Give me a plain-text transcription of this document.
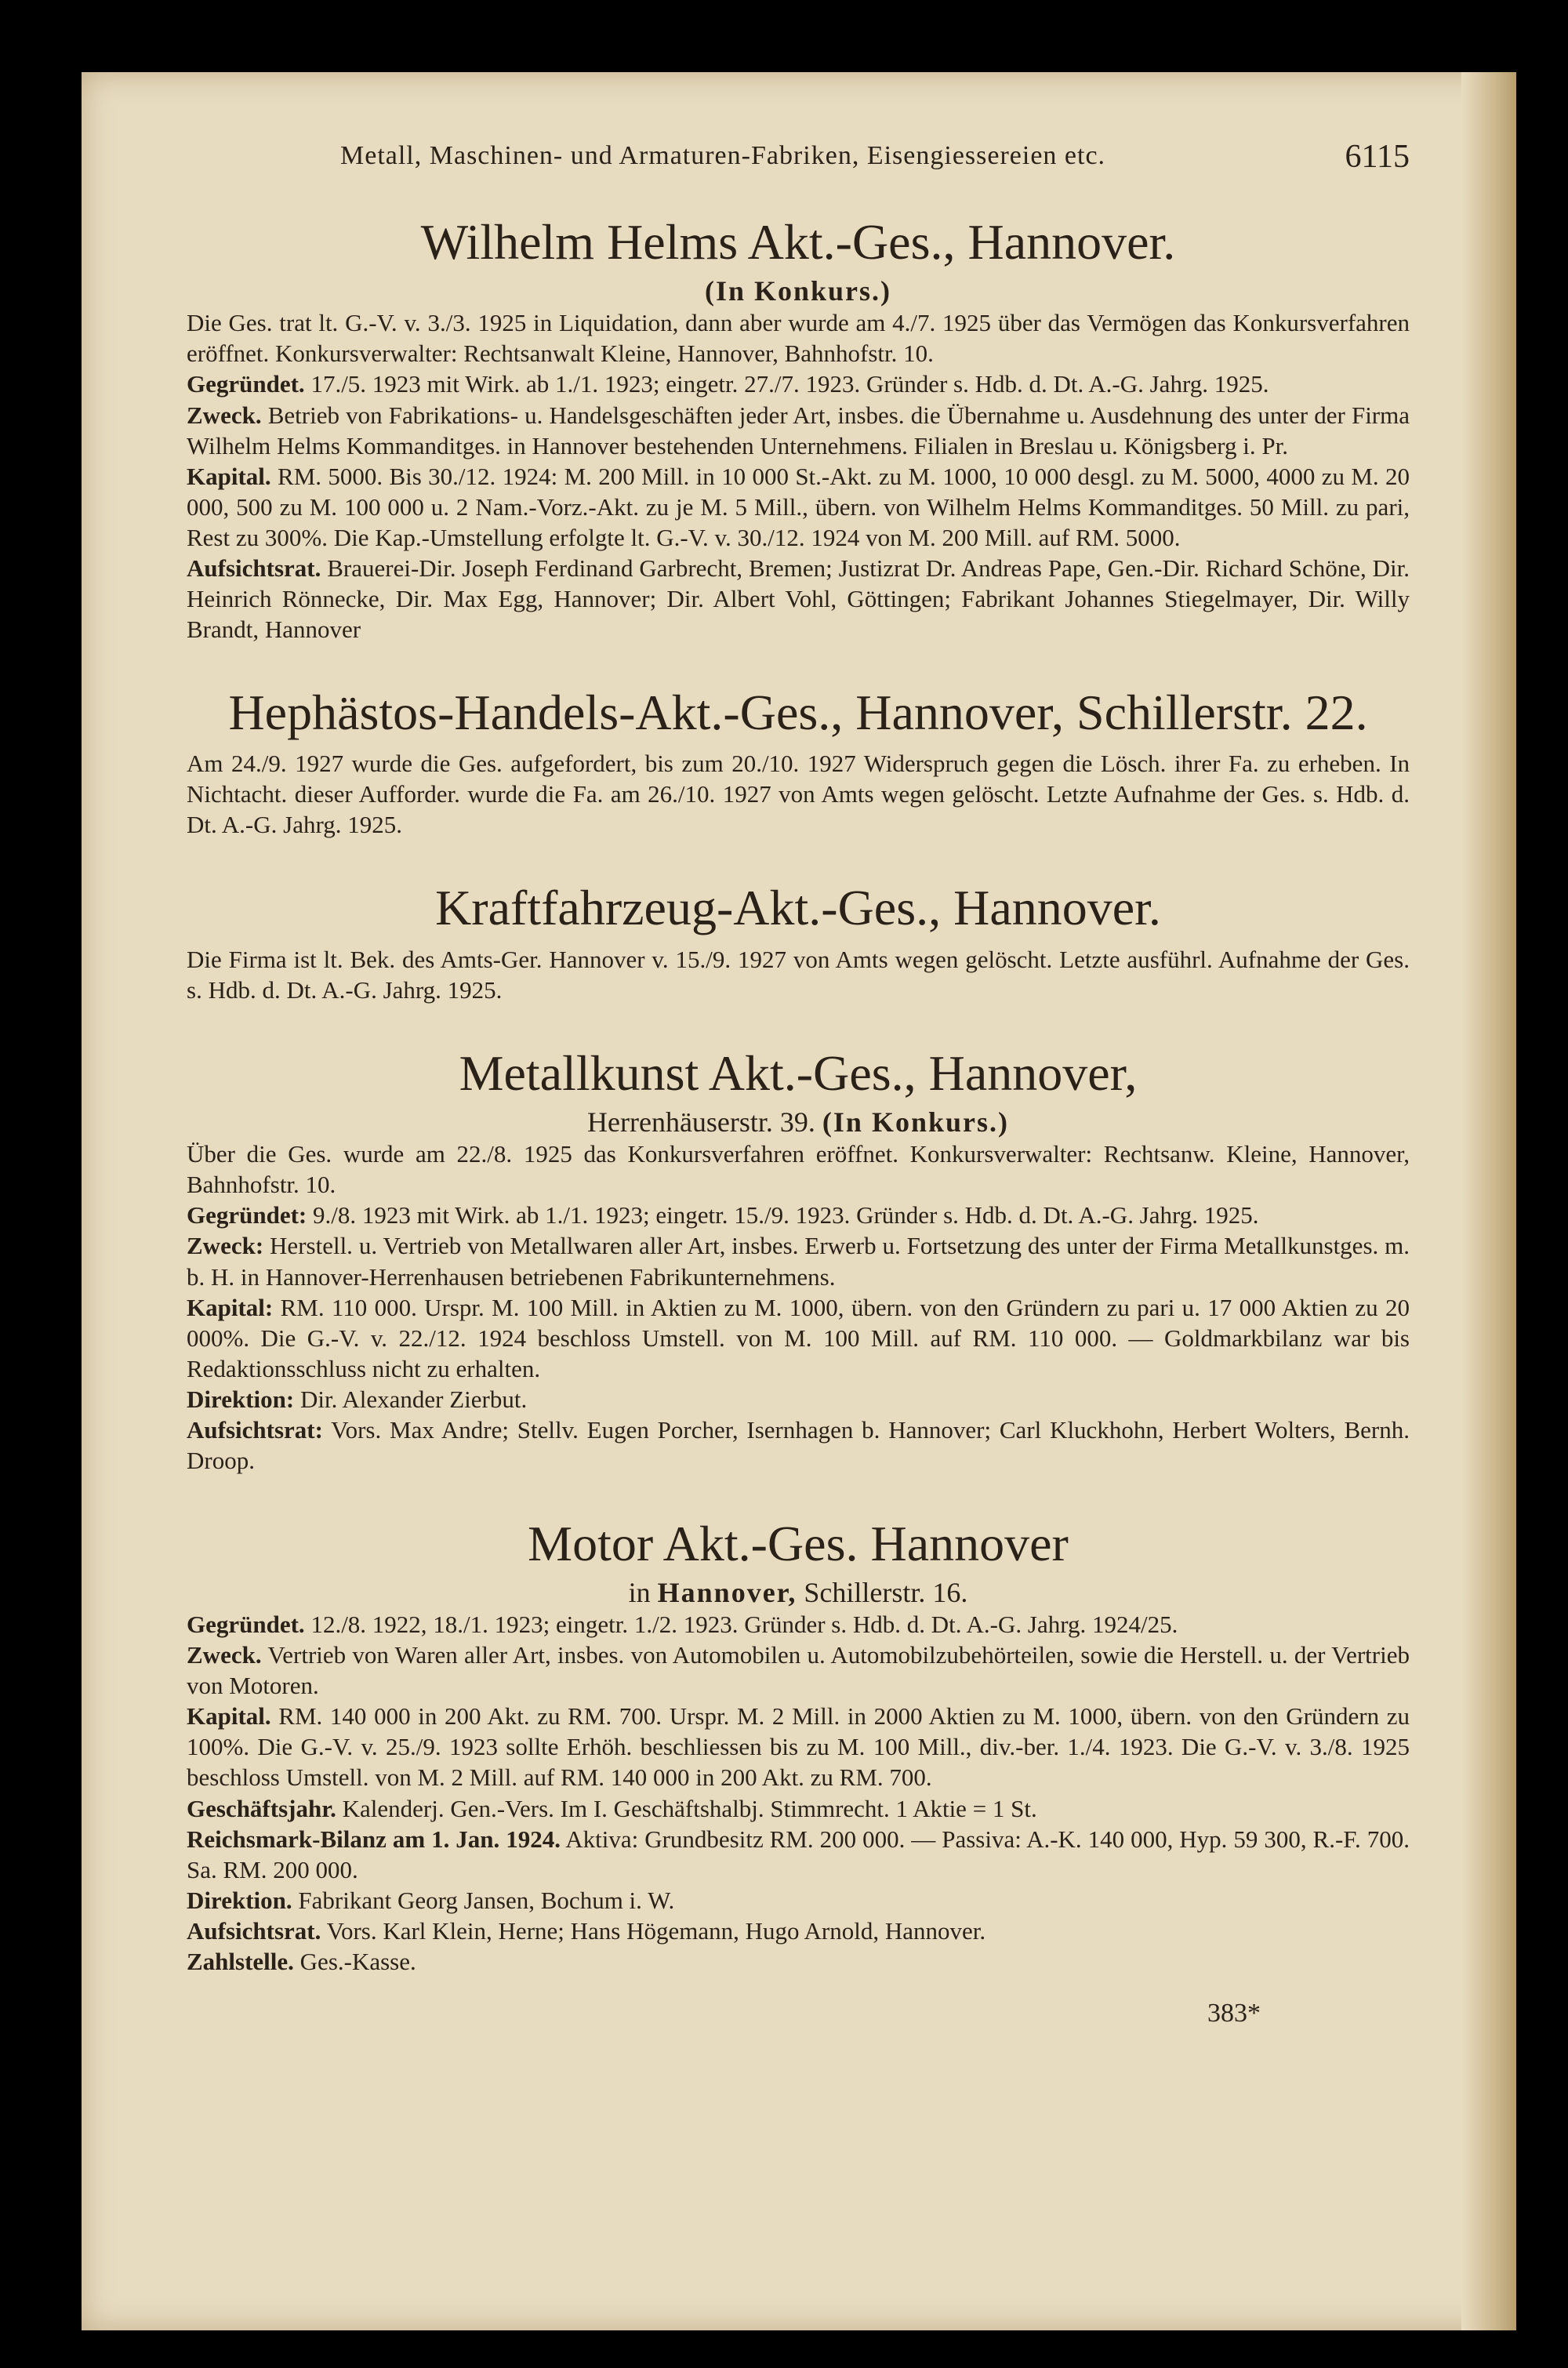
Metall, Maschinen- und Armaturen-Fabriken, Eisengiessereien etc.	6115
Wilhelm Helms Akt.-Ges., Hannover.
(In Konkurs.)

Die Ges. trat lt. G.-V. v. 3./3. 1925 in Liquidation, dann aber wurde am 4./7. 1925 über das Vermögen das Konkursverfahren eröffnet. Konkursverwalter: Rechtsanwalt Kleine, Hannover, Bahnhofstr. 10.

Gegründet. 17./5. 1923 mit Wirk. ab 1./1. 1923; eingetr. 27./7. 1923. Gründer s. Hdb. d. Dt. A.-G. Jahrg. 1925.

Zweck. Betrieb von Fabrikations- u. Handelsgeschäften jeder Art, insbes. die Übernahme u. Ausdehnung des unter der Firma Wilhelm Helms Kommanditges. in Hannover bestehenden Unternehmens. Filialen in Breslau u. Königsberg i. Pr.

Kapital. RM. 5000. Bis 30./12. 1924: M. 200 Mill. in 10 000 St.-Akt. zu M. 1000, 10 000 desgl. zu M. 5000, 4000 zu M. 20 000, 500 zu M. 100 000 u. 2 Nam.-Vorz.-Akt. zu je M. 5 Mill., übern. von Wilhelm Helms Kommanditges. 50 Mill. zu pari, Rest zu 300%. Die Kap.-Umstellung erfolgte lt. G.-V. v. 30./12. 1924 von M. 200 Mill. auf RM. 5000.

Aufsichtsrat. Brauerei-Dir. Joseph Ferdinand Garbrecht, Bremen; Justizrat Dr. Andreas Pape, Gen.-Dir. Richard Schöne, Dir. Heinrich Rönnecke, Dir. Max Egg, Hannover; Dir. Albert Vohl, Göttingen; Fabrikant Johannes Stiegelmayer, Dir. Willy Brandt, Hannover

Hephästos-Handels-Akt.-Ges., Hannover, Schillerstr. 22.

Am 24./9. 1927 wurde die Ges. aufgefordert, bis zum 20./10. 1927 Widerspruch gegen die Lösch. ihrer Fa. zu erheben. In Nichtacht. dieser Aufforder. wurde die Fa. am 26./10. 1927 von Amts wegen gelöscht. Letzte Aufnahme der Ges. s. Hdb. d. Dt. A.-G. Jahrg. 1925.

Kraftfahrzeug-Akt.-Ges., Hannover.

Die Firma ist lt. Bek. des Amts-Ger. Hannover v. 15./9. 1927 von Amts wegen gelöscht. Letzte ausführl. Aufnahme der Ges. s. Hdb. d. Dt. A.-G. Jahrg. 1925.

Metallkunst Akt.-Ges., Hannover,
Herrenhäuserstr. 39. (In Konkurs.)

Über die Ges. wurde am 22./8. 1925 das Konkursverfahren eröffnet. Konkursverwalter: Rechtsanw. Kleine, Hannover, Bahnhofstr. 10.

Gegründet: 9./8. 1923 mit Wirk. ab 1./1. 1923; eingetr. 15./9. 1923. Gründer s. Hdb. d. Dt. A.-G. Jahrg. 1925.

Zweck: Herstell. u. Vertrieb von Metallwaren aller Art, insbes. Erwerb u. Fortsetzung des unter der Firma Metallkunstges. m. b. H. in Hannover-Herrenhausen betriebenen Fabrikunternehmens.

Kapital: RM. 110 000. Urspr. M. 100 Mill. in Aktien zu M. 1000, übern. von den Gründern zu pari u. 17 000 Aktien zu 20 000%. Die G.-V. v. 22./12. 1924 beschloss Umstell. von M. 100 Mill. auf RM. 110 000. — Goldmarkbilanz war bis Redaktionsschluss nicht zu erhalten.

Direktion: Dir. Alexander Zierbut.

Aufsichtsrat: Vors. Max Andre; Stellv. Eugen Porcher, Isernhagen b. Hannover; Carl Kluckhohn, Herbert Wolters, Bernh. Droop.

Motor Akt.-Ges. Hannover
in Hannover, Schillerstr. 16.

Gegründet. 12./8. 1922, 18./1. 1923; eingetr. 1./2. 1923. Gründer s. Hdb. d. Dt. A.-G. Jahrg. 1924/25.

Zweck. Vertrieb von Waren aller Art, insbes. von Automobilen u. Automobilzubehörteilen, sowie die Herstell. u. der Vertrieb von Motoren.

Kapital. RM. 140 000 in 200 Akt. zu RM. 700. Urspr. M. 2 Mill. in 2000 Aktien zu M. 1000, übern. von den Gründern zu 100%. Die G.-V. v. 25./9. 1923 sollte Erhöh. beschliessen bis zu M. 100 Mill., div.-ber. 1./4. 1923. Die G.-V. v. 3./8. 1925 beschloss Umstell. von M. 2 Mill. auf RM. 140 000 in 200 Akt. zu RM. 700.

Geschäftsjahr. Kalenderj. Gen.-Vers. Im I. Geschäftshalbj. Stimmrecht. 1 Aktie = 1 St.

Reichsmark-Bilanz am 1. Jan. 1924. Aktiva: Grundbesitz RM. 200 000. — Passiva: A.-K. 140 000, Hyp. 59 300, R.-F. 700. Sa. RM. 200 000.

Direktion. Fabrikant Georg Jansen, Bochum i. W.

Aufsichtsrat. Vors. Karl Klein, Herne; Hans Högemann, Hugo Arnold, Hannover.

Zahlstelle. Ges.-Kasse.

383*
